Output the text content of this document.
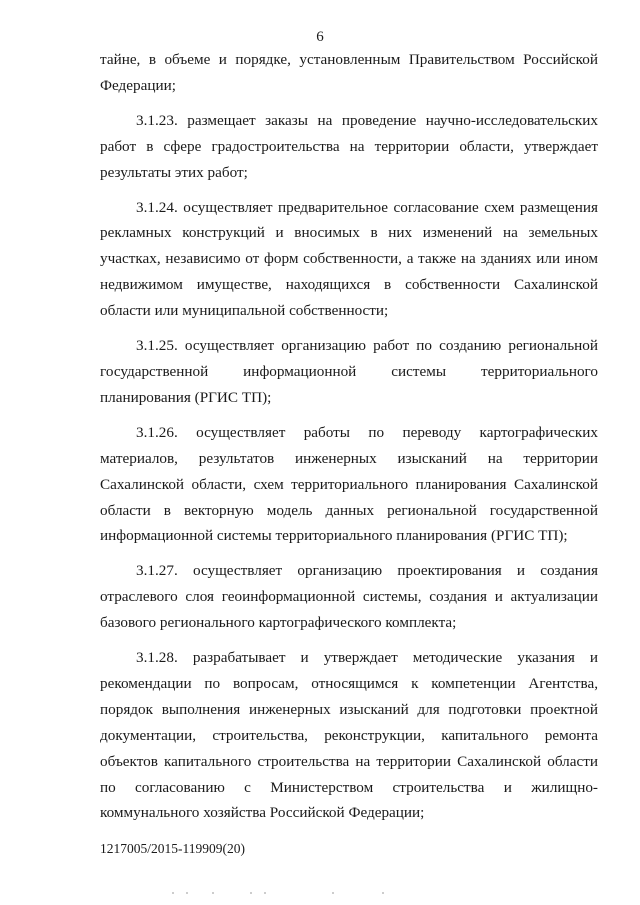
6

тайне, в объеме и порядке, установленным Правительством Российской Федерации;

3.1.23. размещает заказы на проведение научно-исследовательских работ в сфере градостроительства на территории области, утверждает результаты этих работ;

3.1.24. осуществляет предварительное согласование схем размещения рекламных конструкций и вносимых в них изменений на земельных участках, независимо от форм собственности, а также на зданиях или ином недвижимом имуществе, находящихся в собственности Сахалинской области или муниципальной собственности;

3.1.25. осуществляет организацию работ по созданию региональной государственной информационной системы территориального планирования (РГИС ТП);

3.1.26. осуществляет работы по переводу картографических материалов, результатов инженерных изысканий на территории Сахалинской области, схем территориального планирования Сахалинской области в векторную модель данных региональной государственной информационной системы территориального планирования (РГИС ТП);

3.1.27. осуществляет организацию проектирования и создания отраслевого слоя геоинформационной системы, создания и актуализации базового регионального картографического комплекта;

3.1.28. разрабатывает и утверждает методические указания и рекомендации по вопросам, относящимся к компетенции Агентства, порядок выполнения инженерных изысканий для подготовки проектной документации, строительства, реконструкции, капитального ремонта объектов капитального строительства на территории Сахалинской области по согласованию с Министерством строительства и жилищно-коммунального хозяйства Российской Федерации;

1217005/2015-119909(20)
